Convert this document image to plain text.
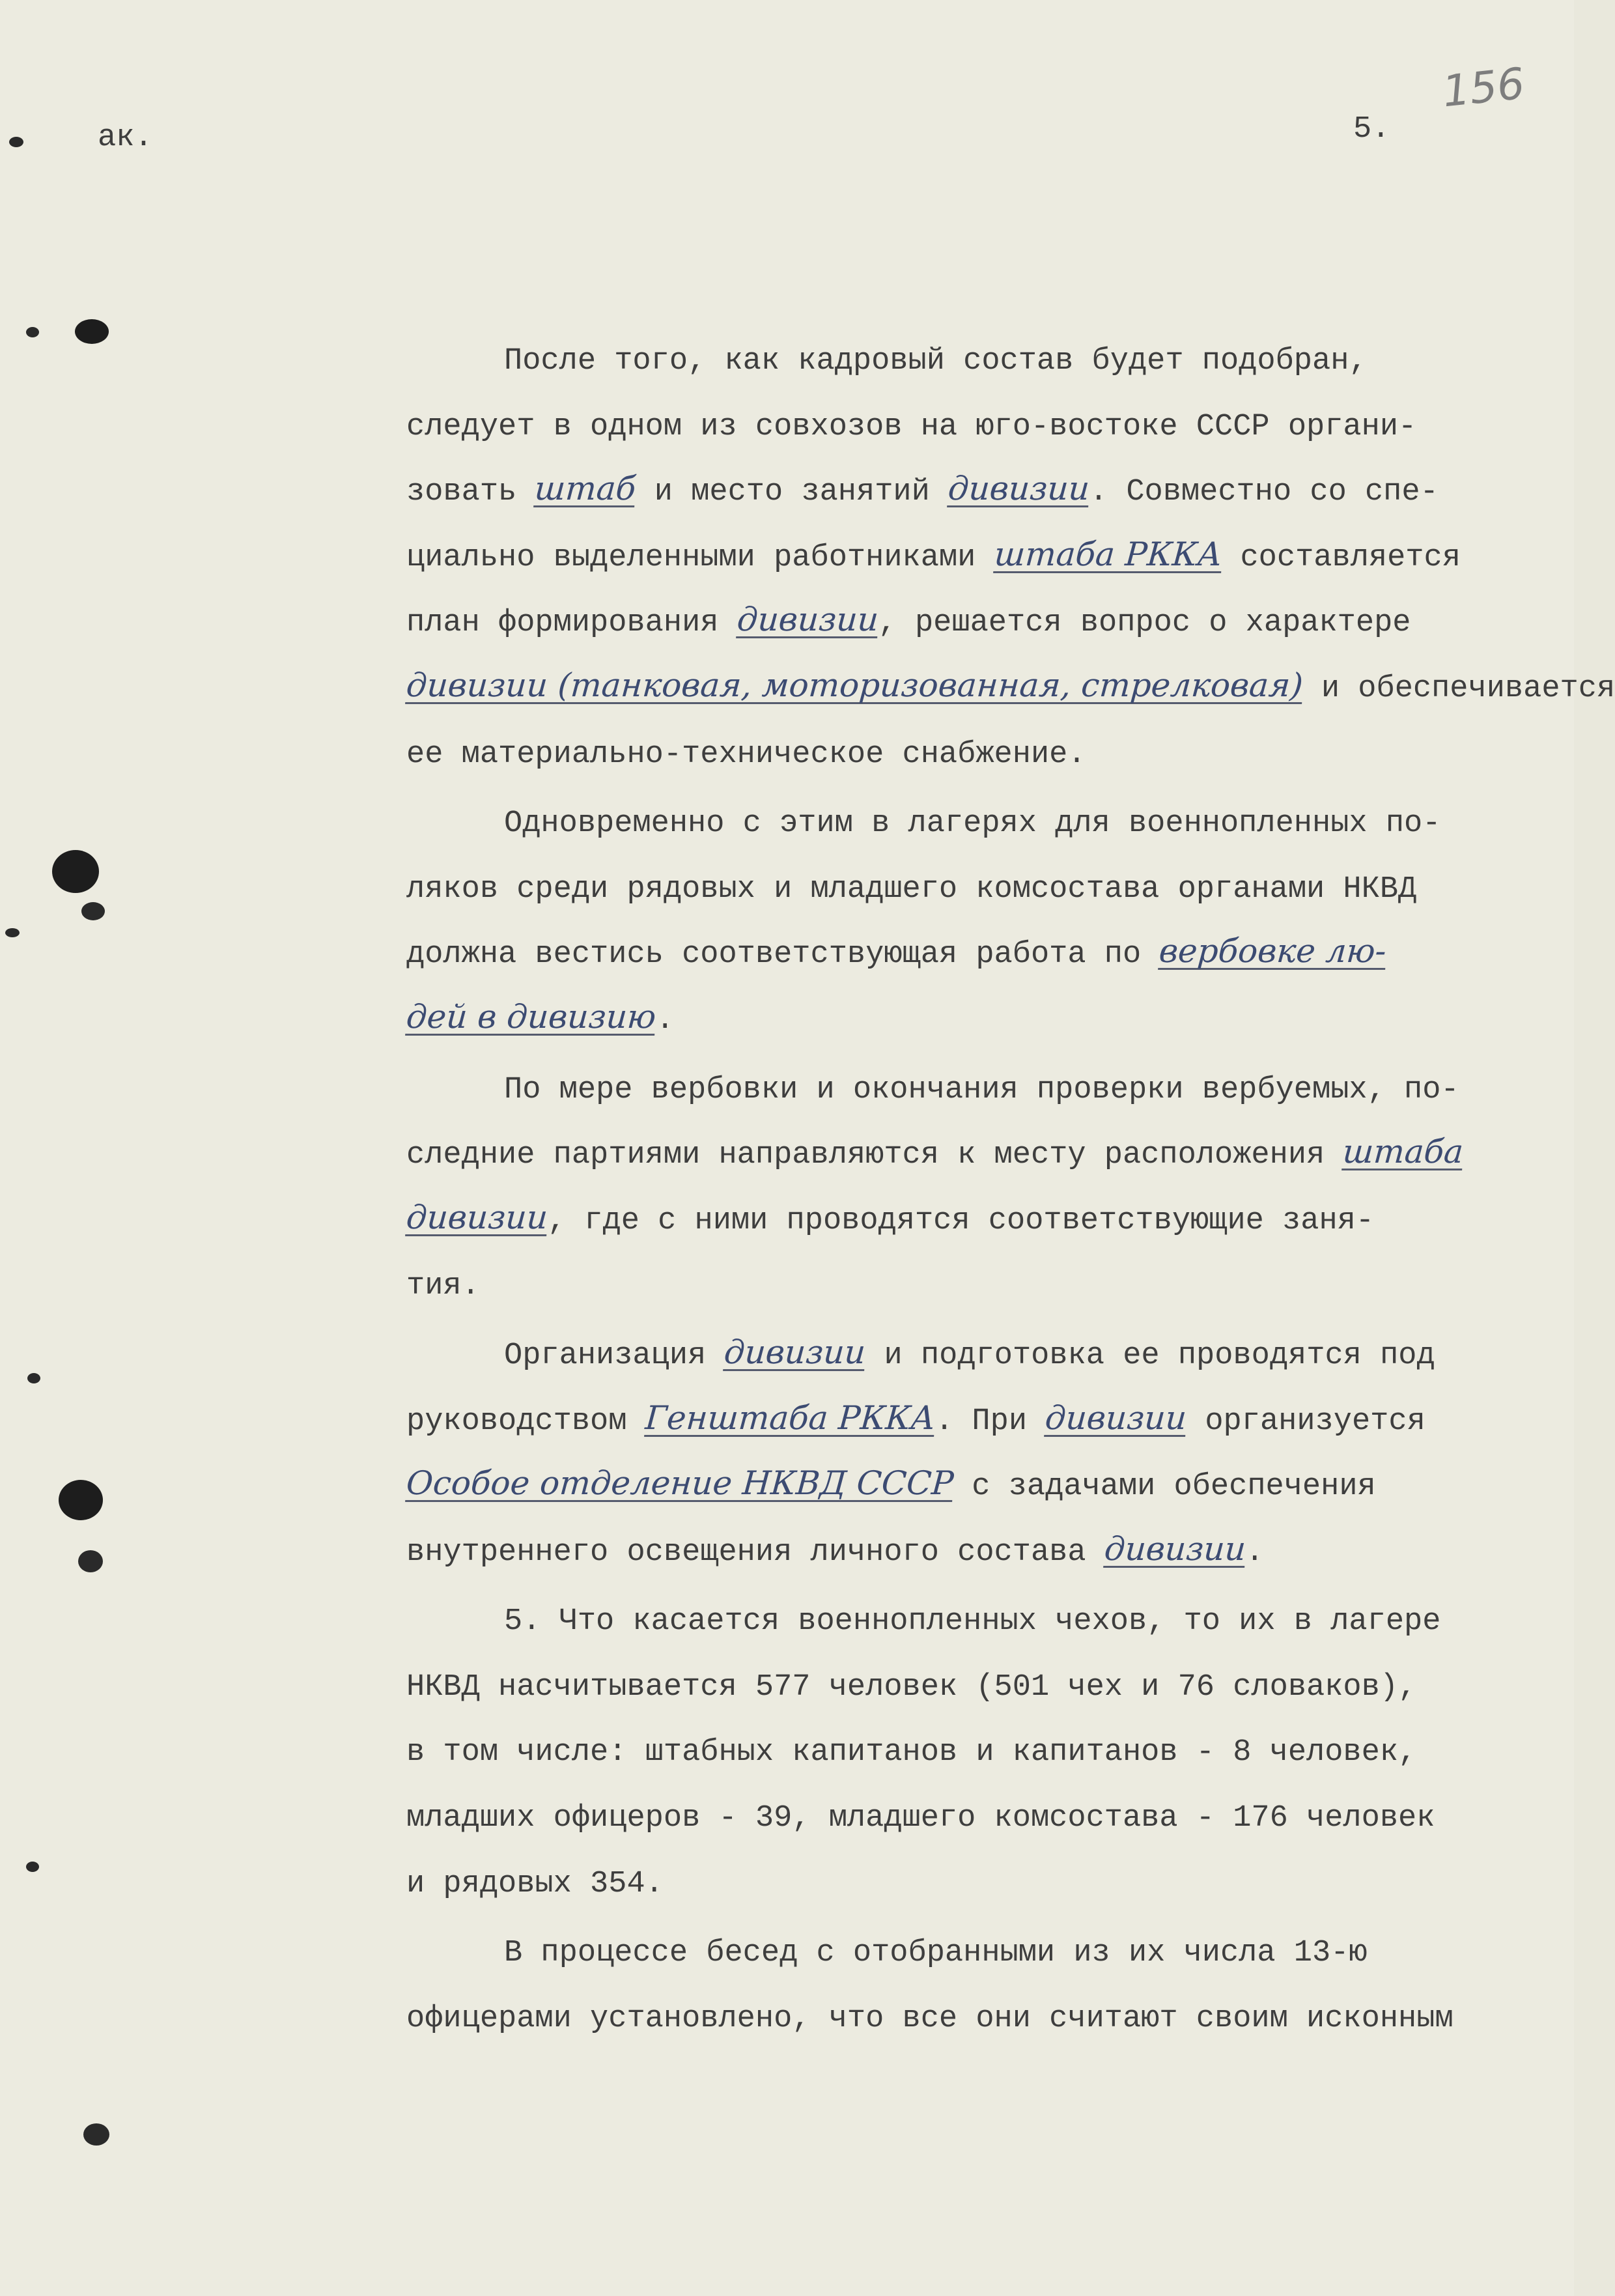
156
ак.	5.
После того, как кадровый состав будет подобран,
следует в одном из совхозов на юго-востоке СССР органи-
зовать штаб и место занятий дивизии. Совместно со спе-
циально выделенными работниками штаба РККА составляется
план формирования дивизии, решается вопрос о характере
дивизии (танковая, моторизованная, стрелковая) и обеспечивается
ее материально-техническое снабжение.
Одновременно с этим в лагерях для военнопленных по-
ляков среди рядовых и младшего комсостава органами НКВД
должна вестись соответствующая работа по вербовке лю-
дей в дивизию.
По мере вербовки и окончания проверки вербуемых, по-
следние партиями направляются к месту расположения штаба
дивизии, где с ними проводятся соответствующие заня-
тия.
Организация дивизии и подготовка ее проводятся под
руководством Генштаба РККА. При дивизии организуется
Особое отделение НКВД СССР с задачами обеспечения
внутреннего освещения личного состава дивизии.
5. Что касается военнопленных чехов, то их в лагере
НКВД насчитывается 577 человек (501 чех и 76 словаков),
в том числе: штабных капитанов и капитанов - 8 человек,
младших офицеров - 39, младшего комсостава - 176 человек
и рядовых 354.
В процессе бесед с отобранными из их числа 13-ю
офицерами установлено, что все они считают своим исконным
